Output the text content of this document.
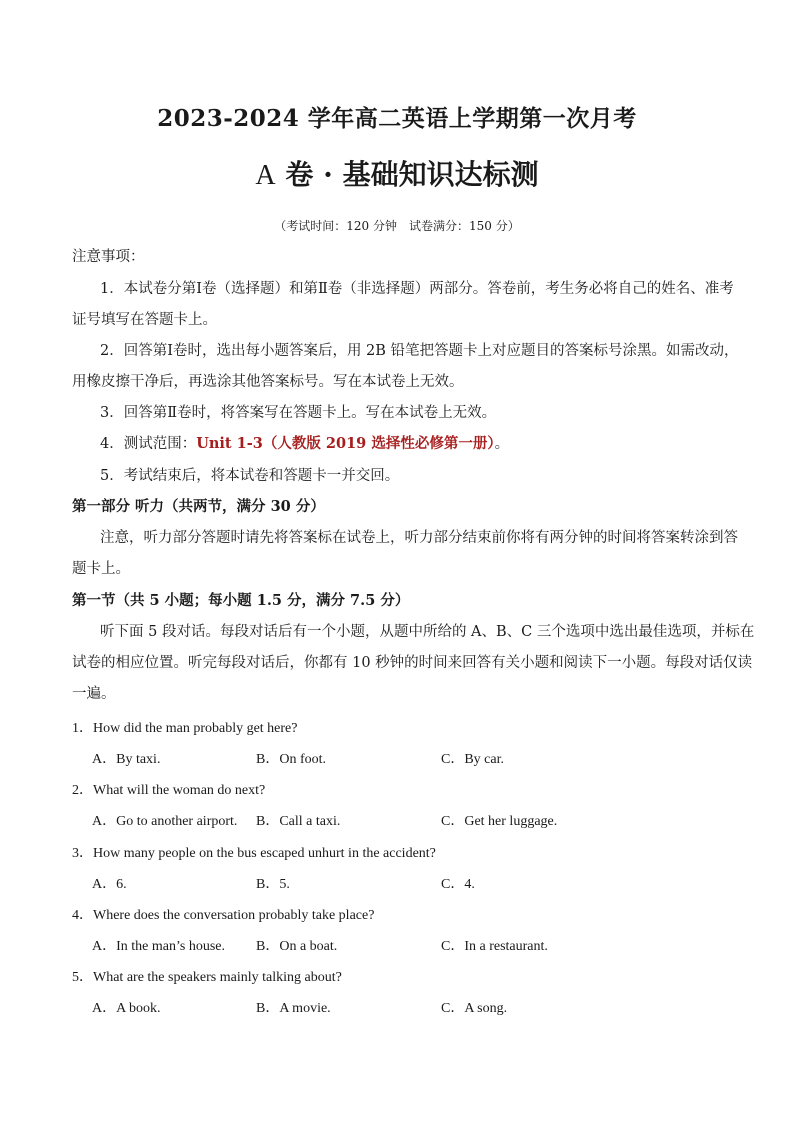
2023-2024 学年高二英语上学期第一次月考
A 卷 · 基础知识达标测
（考试时间：120 分钟　试卷满分：150 分）
注意事项：
1．本试卷分第Ⅰ卷（选择题）和第Ⅱ卷（非选择题）两部分。答卷前，考生务必将自己的姓名、准考
证号填写在答题卡上。
2．回答第Ⅰ卷时，选出每小题答案后，用 2B 铅笔把答题卡上对应题目的答案标号涂黑。如需改动，
用橡皮擦干净后，再选涂其他答案标号。写在本试卷上无效。
3．回答第Ⅱ卷时，将答案写在答题卡上。写在本试卷上无效。
4．测试范围：Unit 1-3（人教版 2019 选择性必修第一册）。
5．考试结束后，将本试卷和答题卡一并交回。
第一部分 听力（共两节，满分 30 分）
注意，听力部分答题时请先将答案标在试卷上，听力部分结束前你将有两分钟的时间将答案转涂到答
题卡上。
第一节（共 5 小题；每小题 1.5 分，满分 7.5 分）
听下面 5 段对话。每段对话后有一个小题，从题中所给的 A、B、C 三个选项中选出最佳选项，并标在
试卷的相应位置。听完每段对话后，你都有 10 秒钟的时间来回答有关小题和阅读下一小题。每段对话仅读
一遍。
1．How did the man probably get here?
A．By taxi.	B．On foot.	C．By car.
2．What will the woman do next?
A．Go to another airport. B．Call a taxi.	C．Get her luggage.
3．How many people on the bus escaped unhurt in the accident?
A．6.	B．5.	C．4.
4．Where does the conversation probably take place?
A．In the man’s house. B．On a boat.	C．In a restaurant.
5．What are the speakers mainly talking about?
A．A book.	B．A movie.	C．A song.
